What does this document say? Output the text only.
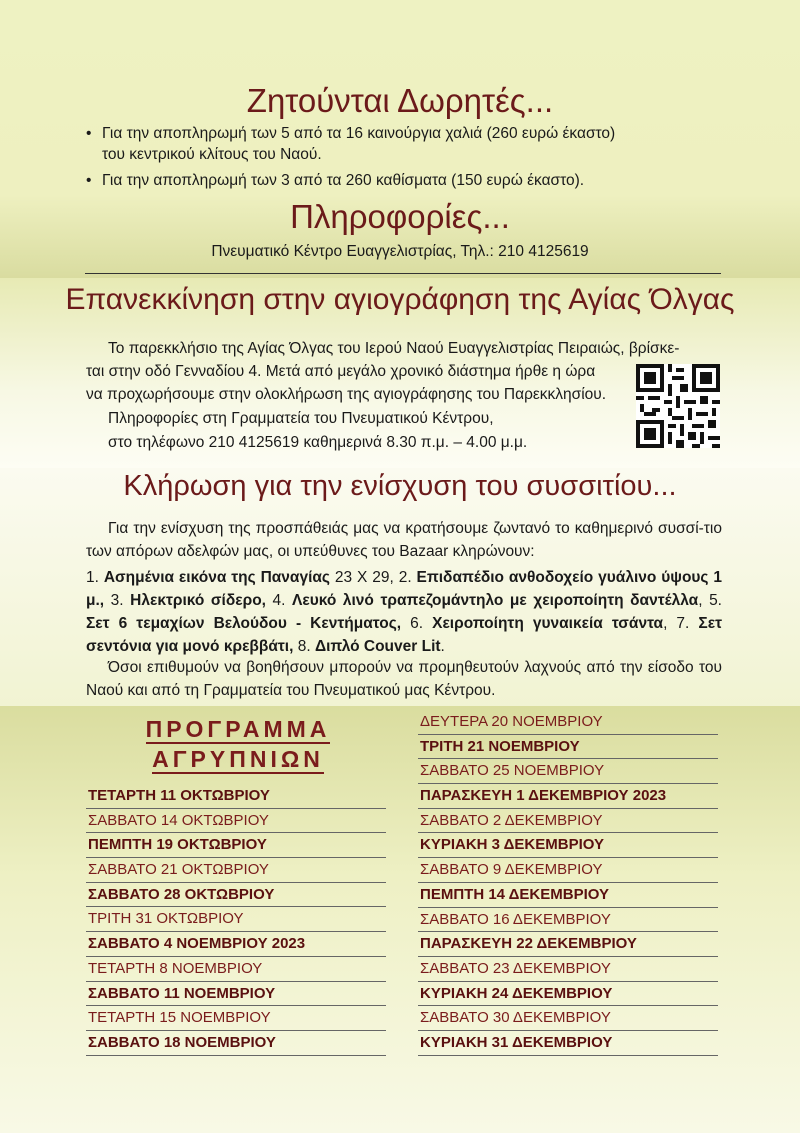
Ζητούνται Δωρητές...
• Για την αποπληρωμή των 5 από τα 16 καινούργια χαλιά (260 ευρώ έκαστο)
του κεντρικού κλίτους του Ναού.
• Για την αποπληρωμή των 3 από τα 260 καθίσματα (150 ευρώ έκαστο).
Πληροφορίες...
Πνευματικό Κέντρο Ευαγγελιστρίας, Τηλ.: 210 4125619
Επανεκκίνηση στην αγιογράφηση της Αγίας Όλγας
Το παρεκκλήσιο της Αγίας Όλγας του Ιερού Ναού Ευαγγελιστρίας Πειραιώς, βρίσκε-
ται στην οδό Γενναδίου 4. Μετά από μεγάλο χρονικό διάστημα ήρθε η ώρα
να προχωρήσουμε στην ολοκλήρωση της αγιογράφησης του Παρεκκλησίου.
Πληροφορίες στη Γραμματεία του Πνευματικού Κέντρου,
στο τηλέφωνο 210 4125619 καθημερινά 8.30 π.μ. – 4.00 μ.μ.
Κλήρωση για την ενίσχυση του συσσιτίου...
Για την ενίσχυση της προσπάθειάς μας να κρατήσουμε ζωντανό το καθημερινό συσσί-τιο των απόρων αδελφών μας, οι υπεύθυνες του Bazaar κληρώνουν:
1. Ασημένια εικόνα της Παναγίας 23 Χ 29, 2. Επιδαπέδιο ανθοδοχείο γυάλινο ύψους 1 μ., 3. Ηλεκτρικό σίδερο, 4. Λευκό λινό τραπεζομάντηλο με χειροποίητη δαντέλλα, 5. Σετ 6 τεμαχίων Βελούδου - Κεντήματος, 6. Χειροποίητη γυναικεία τσάντα, 7. Σετ σεντόνια για μονό κρεββάτι, 8. Διπλό Couver Lit.
Όσοι επιθυμούν να βοηθήσουν μπορούν να προμηθευτούν λαχνούς από την είσοδο του Ναού και από τη Γραμματεία του Πνευματικού μας Κέντρου.
ΠΡΟΓΡΑΜΜΑ
ΑΓΡΥΠΝΙΩΝ
ΤΕΤΑΡΤΗ 11 ΟΚΤΩΒΡΙΟΥ
ΣΑΒΒΑΤΟ 14 ΟΚΤΩΒΡΙΟΥ
ΠΕΜΠΤΗ 19 ΟΚΤΩΒΡΙΟΥ
ΣΑΒΒΑΤΟ 21 ΟΚΤΩΒΡΙΟΥ
ΣΑΒΒΑΤΟ 28 ΟΚΤΩΒΡΙΟΥ
ΤΡΙΤΗ 31 ΟΚΤΩΒΡΙΟΥ
ΣΑΒΒΑΤΟ 4 ΝΟΕΜΒΡΙΟΥ 2023
ΤΕΤΑΡΤΗ 8 ΝΟΕΜΒΡΙΟΥ
ΣΑΒΒΑΤΟ 11 ΝΟΕΜΒΡΙΟΥ
ΤΕΤΑΡΤΗ 15 ΝΟΕΜΒΡΙΟΥ
ΣΑΒΒΑΤΟ 18 ΝΟΕΜΒΡΙΟΥ
ΔΕΥΤΕΡΑ 20 ΝΟΕΜΒΡΙΟΥ
ΤΡΙΤΗ 21 ΝΟΕΜΒΡΙΟΥ
ΣΑΒΒΑΤΟ 25 ΝΟΕΜΒΡΙΟΥ
ΠΑΡΑΣΚΕΥΗ 1 ΔΕΚΕΜΒΡΙΟΥ 2023
ΣΑΒΒΑΤΟ 2 ΔΕΚΕΜΒΡΙΟΥ
ΚΥΡΙΑΚΗ 3 ΔΕΚΕΜΒΡΙΟΥ
ΣΑΒΒΑΤΟ 9 ΔΕΚΕΜΒΡΙΟΥ
ΠΕΜΠΤΗ 14 ΔΕΚΕΜΒΡΙΟΥ
ΣΑΒΒΑΤΟ 16 ΔΕΚΕΜΒΡΙΟΥ
ΠΑΡΑΣΚΕΥΗ 22 ΔΕΚΕΜΒΡΙΟΥ
ΣΑΒΒΑΤΟ 23 ΔΕΚΕΜΒΡΙΟΥ
ΚΥΡΙΑΚΗ 24 ΔΕΚΕΜΒΡΙΟΥ
ΣΑΒΒΑΤΟ 30 ΔΕΚΕΜΒΡΙΟΥ
ΚΥΡΙΑΚΗ 31 ΔΕΚΕΜΒΡΙΟΥ
